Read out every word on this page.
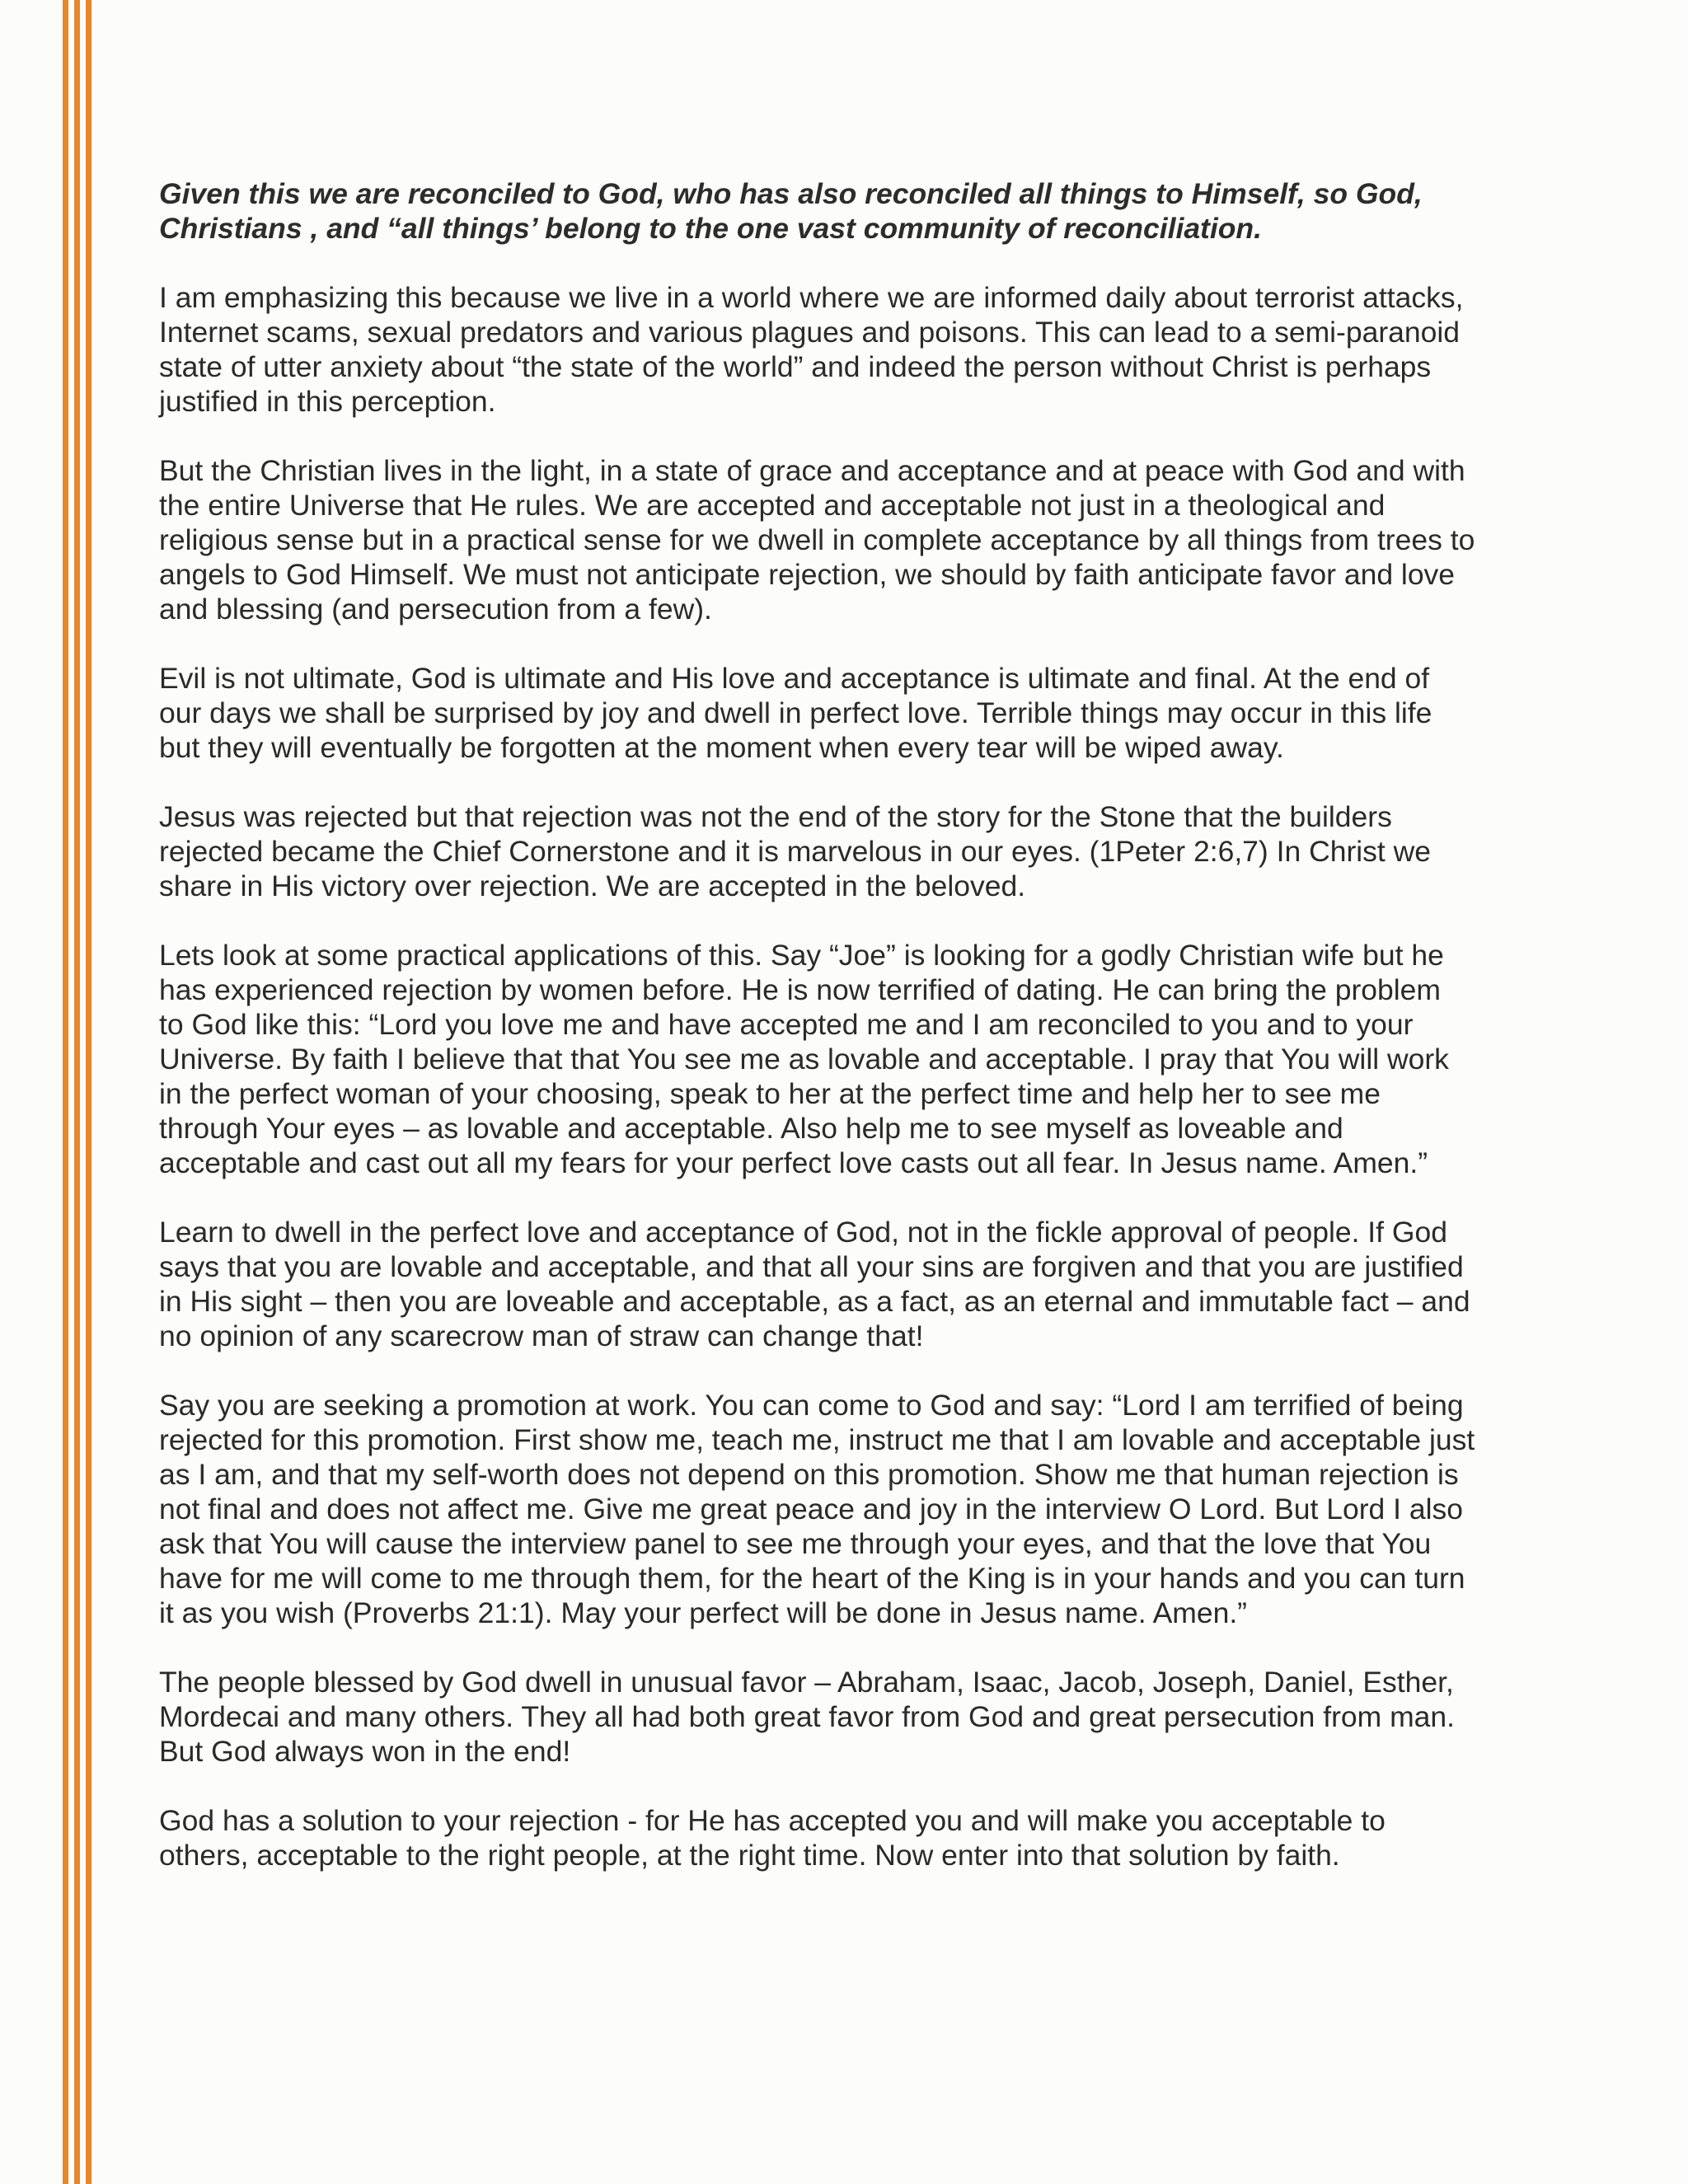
Given this we are reconciled to God, who has also reconciled all things to Himself, so God,
Christians , and “all things’ belong to the one vast community of reconciliation.

I am emphasizing this because we live in a world where we are informed daily about terrorist attacks,
Internet scams, sexual predators and various plagues and poisons. This can lead to a semi-paranoid
state of utter anxiety about “the state of the world” and indeed the person without Christ is perhaps
justified in this perception.

But the Christian lives in the light, in a state of grace and acceptance and at peace with God and with
the entire Universe that He rules. We are accepted and acceptable not just in a theological and
religious sense but in a practical sense for we dwell in complete acceptance by all things from trees to
angels to God Himself. We must not anticipate rejection, we should by faith anticipate favor and love
and blessing (and persecution from a few).

Evil is not ultimate, God is ultimate and His love and acceptance is ultimate and final. At the end of
our days we shall be surprised by joy and dwell in perfect love. Terrible things may occur in this life
but they will eventually be forgotten at the moment when every tear will be wiped away.

Jesus was rejected but that rejection was not the end of the story for the Stone that the builders
rejected became the Chief Cornerstone and it is marvelous in our eyes. (1Peter 2:6,7) In Christ we
share in His victory over rejection. We are accepted in the beloved.

Lets look at some practical applications of this. Say “Joe” is looking for a godly Christian wife but he
has experienced rejection by women before. He is now terrified of dating. He can bring the problem
to God like this: “Lord you love me and have accepted me and I am reconciled to you and to your
Universe. By faith I believe that that You see me as lovable and acceptable. I pray that You will work
in the perfect woman of your choosing, speak to her at the perfect time and help her to see me
through Your eyes – as lovable and acceptable. Also help me to see myself as loveable and
acceptable and cast out all my fears for your perfect love casts out all fear. In Jesus name. Amen.”

Learn to dwell in the perfect love and acceptance of God, not in the fickle approval of people. If God
says that you are lovable and acceptable, and that all your sins are forgiven and that you are justified
in His sight – then you are loveable and acceptable, as a fact, as an eternal and immutable fact – and
no opinion of any scarecrow man of straw can change that!

Say you are seeking a promotion at work. You can come to God and say: “Lord I am terrified of being
rejected for this promotion. First show me, teach me, instruct me that I am lovable and acceptable just
as I am, and that my self-worth does not depend on this promotion. Show me that human rejection is
not final and does not affect me. Give me great peace and joy in the interview O Lord. But Lord I also
ask that You will cause the interview panel to see me through your eyes, and that the love that You
have for me will come to me through them, for the heart of the King is in your hands and you can turn
it as you wish (Proverbs 21:1). May your perfect will be done in Jesus name. Amen.”

The people blessed by God dwell in unusual favor – Abraham, Isaac, Jacob, Joseph, Daniel, Esther,
Mordecai and many others. They all had both great favor from God and great persecution from man.
But God always won in the end!

God has a solution to your rejection - for He has accepted you and will make you acceptable to
others, acceptable to the right people, at the right time. Now enter into that solution by faith.
